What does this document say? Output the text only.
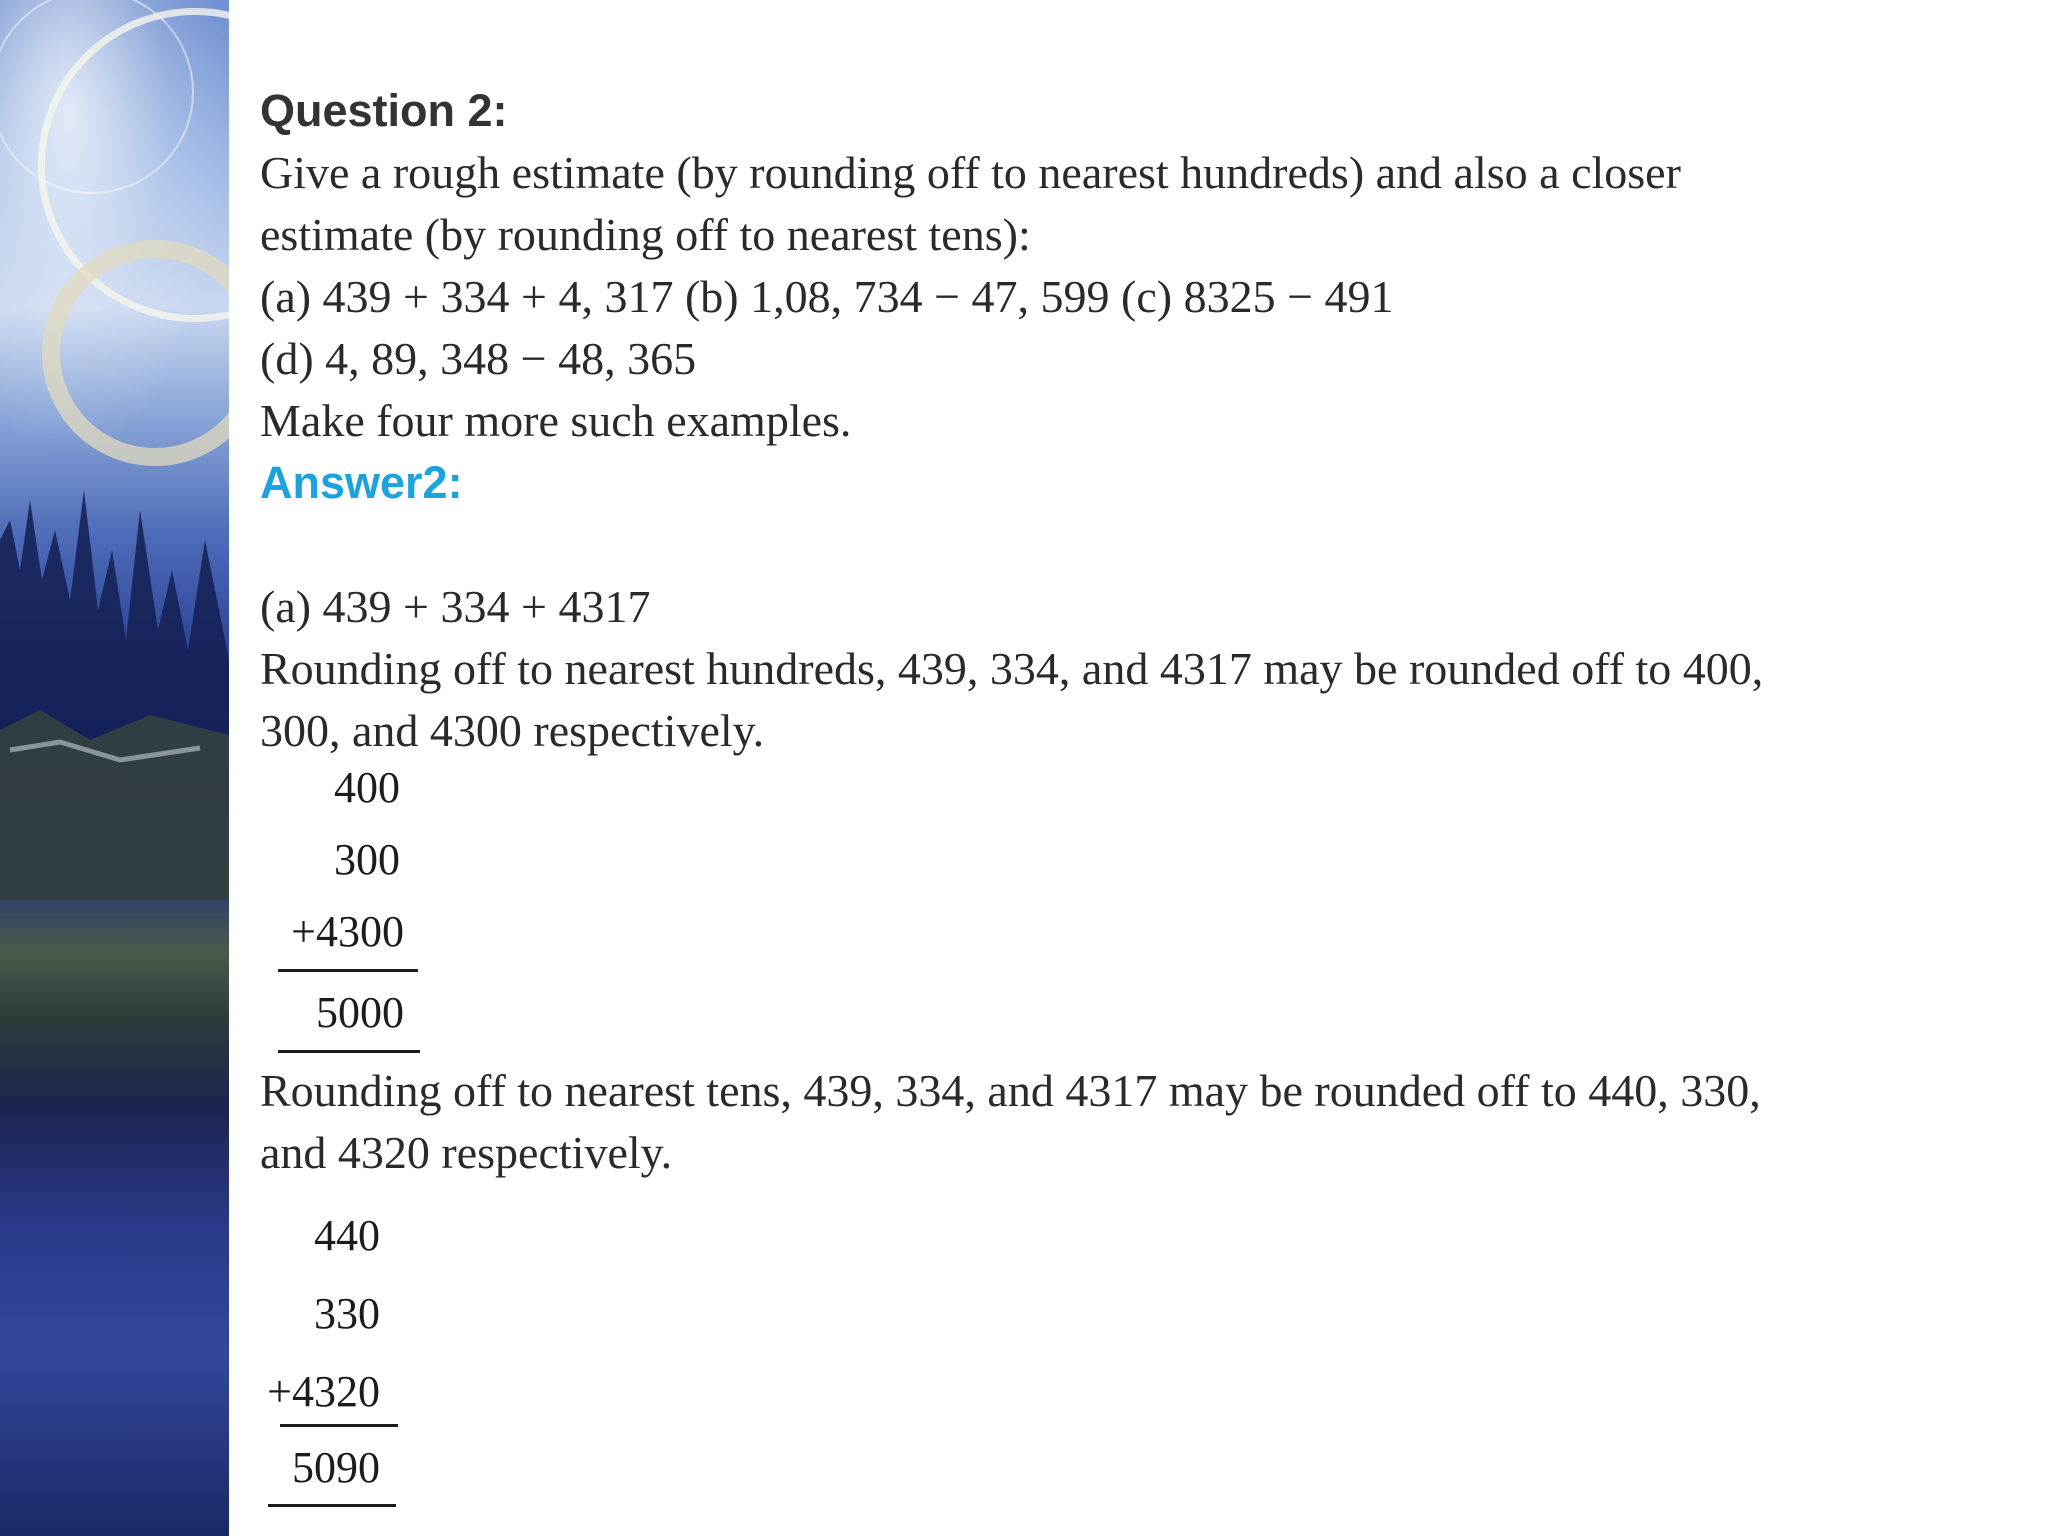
Question 2:

Give a rough estimate (by rounding off to nearest hundreds) and also a closer

estimate (by rounding off to nearest tens):

(a) 439 + 334 + 4, 317 (b) 1,08, 734 − 47, 599 (c) 8325 − 491

(d) 4, 89, 348 − 48, 365

Make four more such examples.

Answer2:

(a) 439 + 334 + 4317

Rounding off to nearest hundreds, 439, 334, and 4317 may be rounded off to 400,

300, and 4300 respectively.

400
300
+4300
5000

Rounding off to nearest tens, 439, 334, and 4317 may be rounded off to 440, 330,

and 4320 respectively.

440
330
+4320
5090
